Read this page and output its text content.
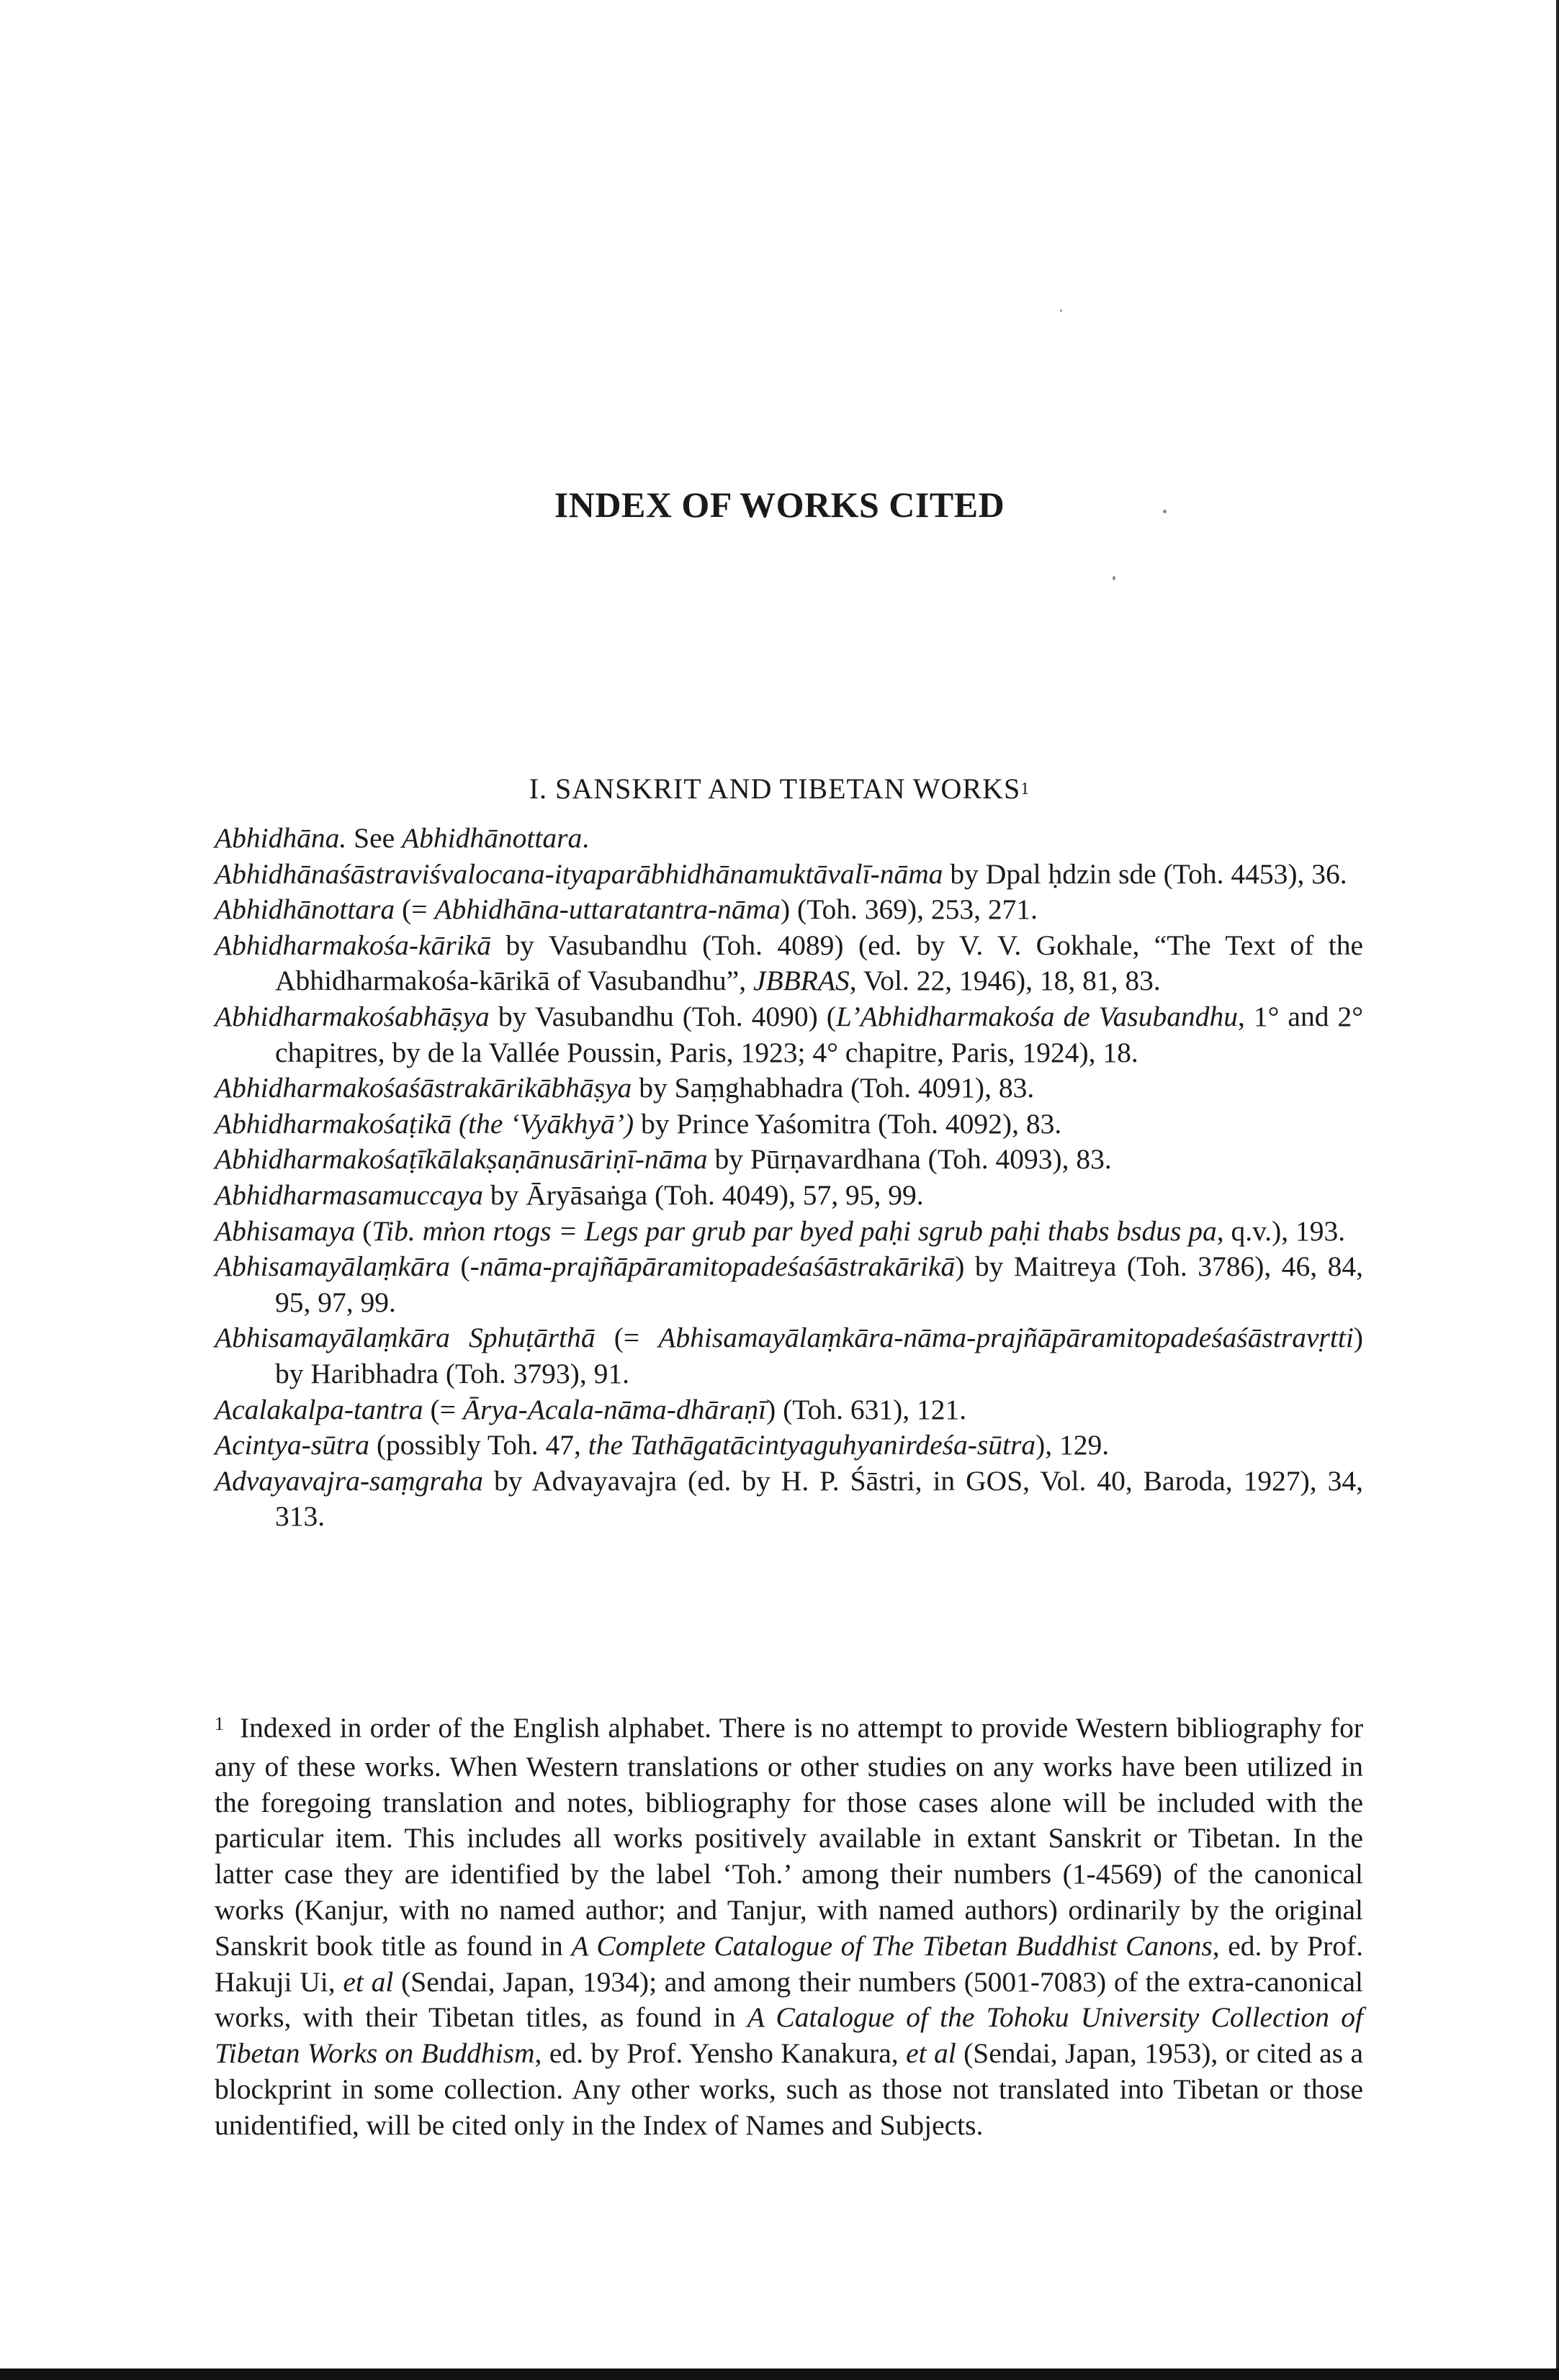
INDEX OF WORKS CITED
I. SANSKRIT AND TIBETAN WORKS$^1$
Abhidhāna. See Abhidhānottara.
Abhidhānaśāstraviśvalocana-ityaparābhidhānamuktāvalī-nāma by Dpal ḥdzin sde (Toh. 4453), 36.
Abhidhānottara (= Abhidhāna-uttaratantra-nāma) (Toh. 369), 253, 271.
Abhidharmakośa-kārikā by Vasubandhu (Toh. 4089) (ed. by V. V. Gokhale, “The Text of the Abhidharmakośa-kārikā of Vasubandhu”, JBBRAS, Vol. 22, 1946), 18, 81, 83.
Abhidharmakośabhāṣya by Vasubandhu (Toh. 4090) (L’Abhidharmakośa de Vasubandhu, 1° and 2° chapitres, by de la Vallée Poussin, Paris, 1923; 4° chapitre, Paris, 1924), 18.
Abhidharmakośaśāstrakārikābhāṣya by Saṃghabhadra (Toh. 4091), 83.
Abhidharmakośaṭikā (the ‘Vyākhyā’) by Prince Yaśomitra (Toh. 4092), 83.
Abhidharmakośaṭīkālakṣaṇānusāriṇī-nāma by Pūrṇavardhana (Toh. 4093), 83.
Abhidharmasamuccaya by Āryāsaṅga (Toh. 4049), 57, 95, 99.
Abhisamaya (Tib. mṅon rtogs = Legs par grub par byed paḥi sgrub paḥi thabs bsdus pa, q.v.), 193.
Abhisamayālaṃkāra (-nāma-prajñāpāramitopadeśaśāstrakārikā) by Maitreya (Toh. 3786), 46, 84, 95, 97, 99.
Abhisamayālaṃkāra Sphuṭārthā (= Abhisamayālaṃkāra-nāma-prajñāpāramitopadeśaśāstravṛtti) by Haribhadra (Toh. 3793), 91.
Acalakalpa-tantra (= Ārya-Acala-nāma-dhāraṇī) (Toh. 631), 121.
Acintya-sūtra (possibly Toh. 47, the Tathāgatācintyaguhyanirdeśa-sūtra), 129.
Advayavajra-saṃgraha by Advayavajra (ed. by H. P. Śāstri, in GOS, Vol. 40, Baroda, 1927), 34, 313.
$^1$ Indexed in order of the English alphabet. There is no attempt to provide Western bibliography for any of these works. When Western translations or other studies on any works have been utilized in the foregoing translation and notes, bibliography for those cases alone will be included with the particular item. This includes all works positively available in extant Sanskrit or Tibetan. In the latter case they are identified by the label ‘Toh.’ among their numbers (1-4569) of the canonical works (Kanjur, with no named author; and Tanjur, with named authors) ordinarily by the original Sanskrit book title as found in A Complete Catalogue of The Tibetan Buddhist Canons, ed. by Prof. Hakuji Ui, et al (Sendai, Japan, 1934); and among their numbers (5001-7083) of the extra-canonical works, with their Tibetan titles, as found in A Catalogue of the Tohoku University Collection of Tibetan Works on Buddhism, ed. by Prof. Yensho Kanakura, et al (Sendai, Japan, 1953), or cited as a blockprint in some collection. Any other works, such as those not translated into Tibetan or those unidentified, will be cited only in the Index of Names and Subjects.
